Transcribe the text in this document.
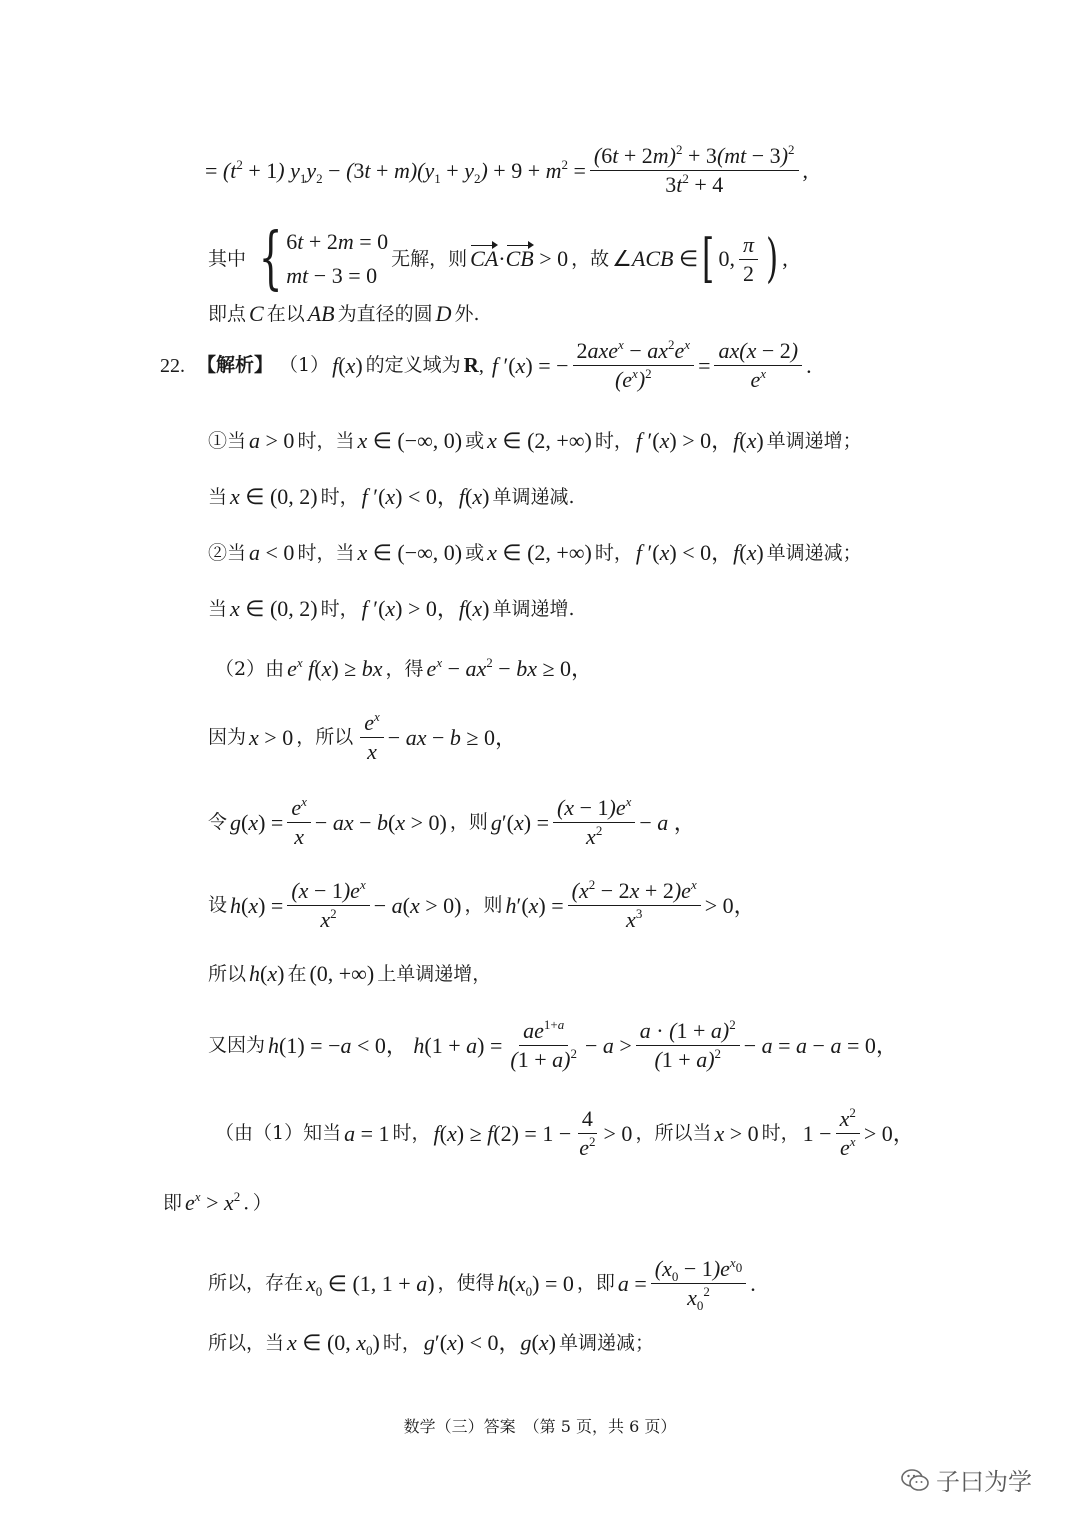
= $(t^2 + 1) y_1y_2 - (3t + m)(y_1 + y_2) + 9 + m^2 = \frac{(6t + 2m)^2 + 3(mt - 3)^2}{3t^2 + 4}$ ,
其中 { 6t + 2m = 0
mt − 3 = 0
无解，则 CA·CB > 0 ，故 ∠ACB ∈ [ 0, $\frac{\pi}{2}$ ) ,
即点 C 在以 AB 为直径的圆 D 外.
22. 【解析】 （1） f(x) 的定义域为 R , f ′(x) = − $\frac{2axe^x - ax^2e^x}{(e^x)^2} = \frac{ax(x - 2)}{e^x}$ .
①当 a > 0 时，当 x ∈ (−∞, 0) 或 x ∈ (2, +∞) 时， f ′(x) > 0， f(x) 单调递增；
当 x ∈ (0, 2) 时， f ′(x) < 0， f(x) 单调递减.
②当 a < 0 时，当 x ∈ (−∞, 0) 或 x ∈ (2, +∞) 时， f ′(x) < 0， f(x) 单调递减；
当 x ∈ (0, 2) 时， f ′(x) > 0， f(x) 单调递增.
（2）由 $e^x$ f(x) ≥ bx ，得 $e^x - ax^2$ − bx ≥ 0，
因为 x > 0 ，所以 $\frac{e^x}{x}$ − ax − b ≥ 0，
令 $g(x) = \frac{e^x}{x}$ − ax − b(x > 0) ，则 $g'(x) = \frac{(x - 1)e^x}{x^2} - a$ ，
设 $h(x) = \frac{(x - 1)e^x}{x^2} - a(x > 0)$ ，则 $h'(x) = \frac{(x^2 - 2x + 2)e^x}{x^3} > 0$，
所以 h(x) 在 (0, +∞) 上单调递增，
又因为 h(1) = −a < 0， $h(1 + a) = \frac{ae^{1+a}}{(1 + a)^2} - a > \frac{a \cdot (1 + a)^2}{(1 + a)^2} - a = a - a = 0$，
（由（1）知当 a = 1 时， $f(x) \ge f(2) = 1 - \frac{4}{e^2} > 0$ ，所以当 x > 0 时， $1 - \frac{x^2}{e^x} > 0$，
即 $e^x > x^2$ ．）
所以，存在 $x_0$ ∈ (1, 1 + a) ，使得 $h(x_0) = 0$ ，即 $a = \frac{(x_0 - 1)e^{x_0}}{x_0^2}$ .
所以，当 x ∈ (0, $x_0$) 时， g′(x) < 0， g(x) 单调递减；
数学（三）答案　（第 5 页，共 6 页）
子曰为学
